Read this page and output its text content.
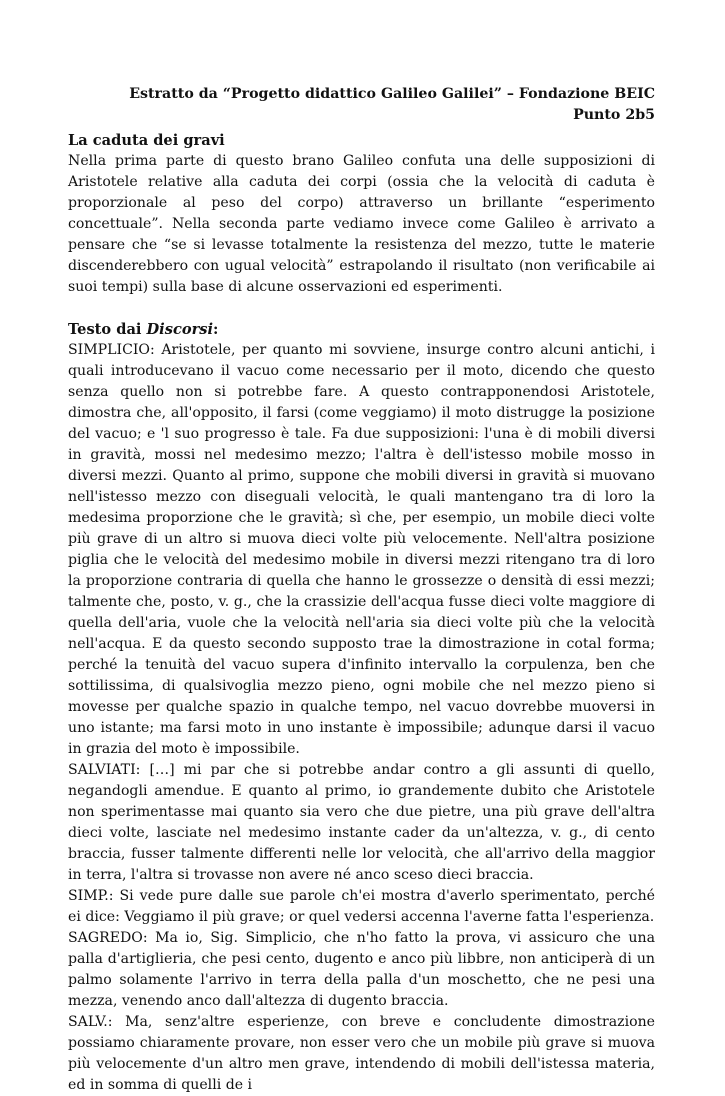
Estratto da “Progetto didattico Galileo Galilei” – Fondazione BEIC
Punto 2b5
La caduta dei gravi

Nella prima parte di questo brano Galileo confuta una delle supposizioni di Aristotele relative alla caduta dei corpi (ossia che la velocità di caduta è proporzionale al peso del corpo) attraverso un brillante “esperimento concettuale”. Nella seconda parte vediamo invece come Galileo è arrivato a pensare che “se si levasse totalmente la resistenza del mezzo, tutte le materie discenderebbero con ugual velocità” estrapolando il risultato (non verificabile ai suoi tempi) sulla base di alcune osservazioni ed esperimenti.

Testo dai Discorsi:

SIMPLICIO: Aristotele, per quanto mi sovviene, insurge contro alcuni antichi, i quali introducevano il vacuo come necessario per il moto, dicendo che questo senza quello non si potrebbe fare. A questo contrapponendosi Aristotele, dimostra che, all'opposito, il farsi (come veggiamo) il moto distrugge la posizione del vacuo; e 'l suo progresso è tale. Fa due supposizioni: l'una è di mobili diversi in gravità, mossi nel medesimo mezzo; l'altra è dell'istesso mobile mosso in diversi mezzi. Quanto al primo, suppone che mobili diversi in gravità si muovano nell'istesso mezzo con diseguali velocità, le quali mantengano tra di loro la medesima proporzione che le gravità; sì che, per esempio, un mobile dieci volte più grave di un altro si muova dieci volte più velocemente. Nell'altra posizione piglia che le velocità del medesimo mobile in diversi mezzi ritengano tra di loro la proporzione contraria di quella che hanno le grossezze o densità di essi mezzi; talmente che, posto, v. g., che la crassizie dell'acqua fusse dieci volte maggiore di quella dell'aria, vuole che la velocità nell'aria sia dieci volte più che la velocità nell'acqua. E da questo secondo supposto trae la dimostrazione in cotal forma; perché la tenuità del vacuo supera d'infinito intervallo la corpulenza, ben che sottilissima, di qualsivoglia mezzo pieno, ogni mobile che nel mezzo pieno si movesse per qualche spazio in qualche tempo, nel vacuo dovrebbe muoversi in uno istante; ma farsi moto in uno instante è impossibile; adunque darsi il vacuo in grazia del moto è impossibile.

SALVIATI: […] mi par che si potrebbe andar contro a gli assunti di quello, negandogli amendue. E quanto al primo, io grandemente dubito che Aristotele non sperimentasse mai quanto sia vero che due pietre, una più grave dell'altra dieci volte, lasciate nel medesimo instante cader da un'altezza, v. g., di cento braccia, fusser talmente differenti nelle lor velocità, che all'arrivo della maggior in terra, l'altra si trovasse non avere né anco sceso dieci braccia.

SIMP.: Si vede pure dalle sue parole ch'ei mostra d'averlo sperimentato, perché ei dice: Veggiamo il più grave; or quel vedersi accenna l'averne fatta l'esperienza.

SAGREDO: Ma io, Sig. Simplicio, che n'ho fatto la prova, vi assicuro che una palla d'artiglieria, che pesi cento, dugento e anco più libbre, non anticiperà di un palmo solamente l'arrivo in terra della palla d'un moschetto, che ne pesi una mezza, venendo anco dall'altezza di dugento braccia.

SALV.: Ma, senz'altre esperienze, con breve e concludente dimostrazione possiamo chiaramente provare, non esser vero che un mobile più grave si muova più velocemente d'un altro men grave, intendendo di mobili dell'istessa materia, ed in somma di quelli de i
